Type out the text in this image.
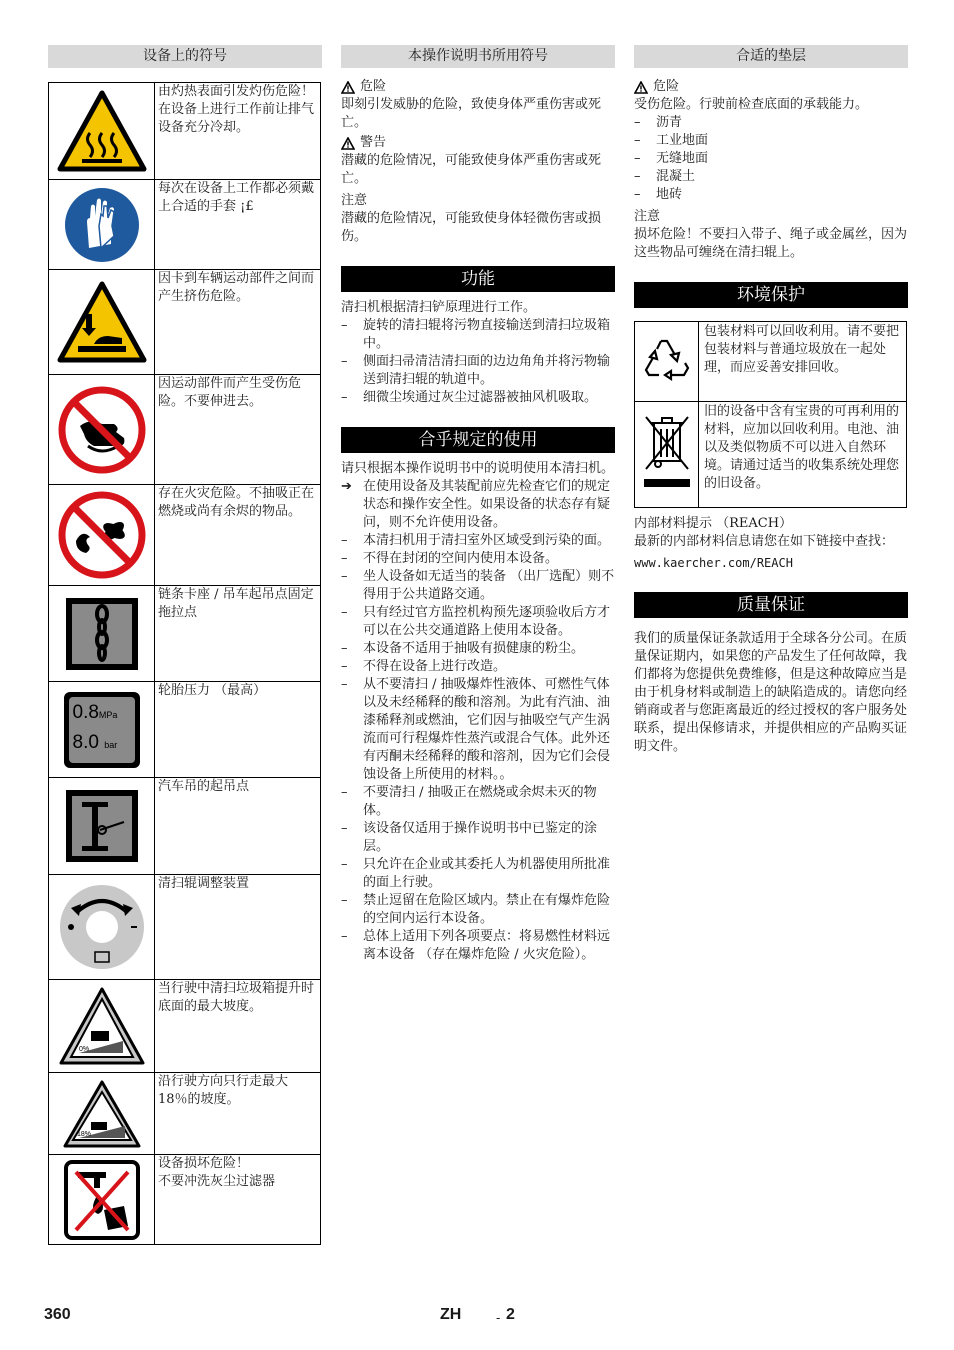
设备上的符号
	由灼热表面引发灼伤危险！在设备上进行工作前让排气设备充分冷却。

	每次在设备上工作都必须戴上合适的手套 ¡£

	因卡到车辆运动部件之间而产生挤伤危险。

	因运动部件而产生受伤危险。不要伸进去。

	存在火灾危险。不抽吸正在燃烧或尚有余烬的物品。

	链条卡座 / 吊车起吊点固定拖拉点

0.8MPa
8.0 bar	轮胎压力 （最高）

	汽车吊的起吊点

	清扫辊调整装置

0%	当行驶中清扫垃圾箱提升时底面的最大坡度。

18%	沿行驶方向只行走最大 18％的坡度。

	设备损坏危险！
不要冲洗灰尘过滤器
本操作说明书所用符号
危险

即刻引发威胁的危险，致使身体严重伤害或死亡。

警告

潜藏的危险情况，可能致使身体严重伤害或死亡。

注意

潜藏的危险情况，可能致使身体轻微伤害或损伤。

功能

清扫机根据清扫铲原理进行工作。

–	旋转的清扫辊将污物直接输送到清扫垃圾箱中。
–	侧面扫帚清洁清扫面的边边角角并将污物输送到清扫辊的轨道中。
–	细微尘埃通过灰尘过滤器被抽风机吸取。
合乎规定的使用

请只根据本操作说明书中的说明使用本清扫机。

➔ 在使用设备及其装配前应先检查它们的规定状态和操作安全性。如果设备的状态存有疑问，则不允许使用设备。
–	本清扫机用于清扫室外区域受到污染的面。
–	不得在封闭的空间内使用本设备。
–	坐人设备如无适当的装备 （出厂选配）则不得用于公共道路交通。
–	只有经过官方监控机构预先逐项验收后方才可以在公共交通道路上使用本设备。
–	本设备不适用于抽吸有损健康的粉尘。
–	不得在设备上进行改造。
–	从不要清扫 / 抽吸爆炸性液体、可燃性气体以及未经稀释的酸和溶剂。为此有汽油、油漆稀释剂或燃油，它们因与抽吸空气产生涡流而可行程爆炸性蒸汽或混合气体。此外还有丙酮未经稀释的酸和溶剂，因为它们会侵蚀设备上所使用的材料。。
–	不要清扫 / 抽吸正在燃烧或余烬未灭的物体。
–	该设备仅适用于操作说明书中已鉴定的涂层。
–	只允许在企业或其委托人为机器使用所批准的面上行驶。
–	禁止逗留在危险区域内。禁止在有爆炸危险的空间内运行本设备。
–	总体上适用下列各项要点：将易燃性材料远离本设备 （存在爆炸危险 / 火灾危险）。
合适的垫层
危险

受伤危险。行驶前检查底面的承载能力。

–	沥青
–	工业地面
–	无缝地面
–	混凝土
–	地砖

注意

损坏危险！不要扫入带子、绳子或金属丝，因为这些物品可缠绕在清扫辊上。

环境保护
	包装材料可以回收利用。请不要把包装材料与普通垃圾放在一起处理，而应妥善安排回收。
	旧的设备中含有宝贵的可再利用的材料，应加以回收利用。电池、油以及类似物质不可以进入自然环境。请通过适当的收集系统处理您的旧设备。

内部材料提示 （REACH）

最新的内部材料信息请您在如下链接中查找：

www.kaercher.com/REACH

质量保证

我们的质量保证条款适用于全球各分公司。在质量保证期内，如果您的产品发生了任何故障，我们都将为您提供免费维修，但是这种故障应当是由于机身材料或制造上的缺陷造成的。请您向经销商或者与您距离最近的经过授权的客户服务处联系，提出保修请求，并提供相应的产品购买证明文件。

360	ZH	- 2
